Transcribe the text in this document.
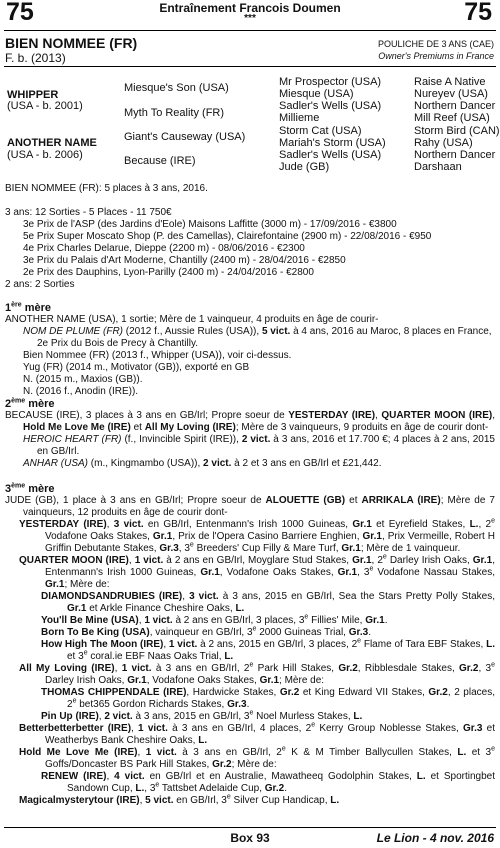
75	75
Entraînement Francois Doumen
***
BIEN NOMMEE (FR)
F. b. (2013)
POULICHE DE 3 ANS (CAE)
Owner's Premiums in France
WHIPPER
(USA - b. 2001)
ANOTHER NAME
(USA - b. 2006)
Miesque's Son (USA)
Myth To Reality (FR)
Giant's Causeway (USA)
Because (IRE)
Mr Prospector (USA)
Miesque (USA)
Sadler's Wells (USA)
Millieme
Storm Cat (USA)
Mariah's Storm (USA)
Sadler's Wells (USA)
Jude (GB)
Raise A Native
Nureyev (USA)
Northern Dancer
Mill Reef (USA)
Storm Bird (CAN)
Rahy (USA)
Northern Dancer
Darshaan

BIEN NOMMEE (FR): 5 places à 3 ans, 2016.

3 ans: 12 Sorties - 5 Places - 11 750€

3e Prix de l'ASP (des Jardins d'Eole) Maisons Laffitte (3000 m) - 17/09/2016 - €3800

5e Prix Super Moscato Shop (P. des Camellas), Clairefontaine (2900 m) - 22/08/2016 - €950

4e Prix Charles Delarue, Dieppe (2200 m) - 08/06/2016 - €2300

3e Prix du Palais d'Art Moderne, Chantilly (2400 m) - 28/04/2016 - €2850

2e Prix des Dauphins, Lyon-Parilly (2400 m) - 24/04/2016 - €2800

2 ans: 2 Sorties

1ère mère

ANOTHER NAME (USA), 1 sortie; Mère de 1 vainqueur, 4 produits en âge de courir-

NOM DE PLUME (FR) (2012 f., Aussie Rules (USA)), 5 vict. à 4 ans, 2016 au Maroc, 8 places en France, 2e Prix du Bois de Precy à Chantilly.

Bien Nommee (FR) (2013 f., Whipper (USA)), voir ci-dessus.

Yug (FR) (2014 m., Motivator (GB)), exporté en GB

N. (2015 m., Maxios (GB)).

N. (2016 f., Anodin (IRE)).

2ème mère

BECAUSE (IRE), 3 places à 3 ans en GB/Irl; Propre soeur de YESTERDAY (IRE), QUARTER MOON (IRE), Hold Me Love Me (IRE) et All My Loving (IRE); Mère de 3 vainqueurs, 9 produits en âge de courir dont-

HEROIC HEART (FR) (f., Invincible Spirit (IRE)), 2 vict. à 3 ans, 2016 et 17.700 €; 4 places à 2 ans, 2015 en GB/Irl.

ANHAR (USA) (m., Kingmambo (USA)), 2 vict. à 2 et 3 ans en GB/Irl et £21,442.

3ème mère

JUDE (GB), 1 place à 3 ans en GB/Irl; Propre soeur de ALOUETTE (GB) et ARRIKALA (IRE); Mère de 7 vainqueurs, 12 produits en âge de courir dont-

YESTERDAY (IRE), 3 vict. en GB/Irl, Entenmann's Irish 1000 Guineas, Gr.1 et Eyrefield Stakes, L., 2e Vodafone Oaks Stakes, Gr.1, Prix de l'Opera Casino Barriere Enghien, Gr.1, Prix Vermeille, Robert H Griffin Debutante Stakes, Gr.3, 3e Breeders' Cup Filly & Mare Turf, Gr.1; Mère de 1 vainqueur.

QUARTER MOON (IRE), 1 vict. à 2 ans en GB/Irl, Moyglare Stud Stakes, Gr.1, 2e Darley Irish Oaks, Gr.1, Entenmann's Irish 1000 Guineas, Gr.1, Vodafone Oaks Stakes, Gr.1, 3e Vodafone Nassau Stakes, Gr.1; Mère de:

DIAMONDSANDRUBIES (IRE), 3 vict. à 3 ans, 2015 en GB/Irl, Sea the Stars Pretty Polly Stakes, Gr.1 et Arkle Finance Cheshire Oaks, L.

You'll Be Mine (USA), 1 vict. à 2 ans en GB/Irl, 3 places, 3e Fillies' Mile, Gr.1.

Born To Be King (USA), vainqueur en GB/Irl, 3e 2000 Guineas Trial, Gr.3.

How High The Moon (IRE), 1 vict. à 2 ans, 2015 en GB/Irl, 3 places, 2e Flame of Tara EBF Stakes, L. et 3e coral.ie EBF Naas Oaks Trial, L.

All My Loving (IRE), 1 vict. à 3 ans en GB/Irl, 2e Park Hill Stakes, Gr.2, Ribblesdale Stakes, Gr.2, 3e Darley Irish Oaks, Gr.1, Vodafone Oaks Stakes, Gr.1; Mère de:

THOMAS CHIPPENDALE (IRE), Hardwicke Stakes, Gr.2 et King Edward VII Stakes, Gr.2, 2 places, 2e bet365 Gordon Richards Stakes, Gr.3.

Pin Up (IRE), 2 vict. à 3 ans, 2015 en GB/Irl, 3e Noel Murless Stakes, L.

Betterbetterbetter (IRE), 1 vict. à 3 ans en GB/Irl, 4 places, 2e Kerry Group Noblesse Stakes, Gr.3 et Weatherbys Bank Cheshire Oaks, L.

Hold Me Love Me (IRE), 1 vict. à 3 ans en GB/Irl, 2e K & M Timber Ballycullen Stakes, L. et 3e Goffs/Doncaster BS Park Hill Stakes, Gr.2; Mère de:

RENEW (IRE), 4 vict. en GB/Irl et en Australie, Mawatheeq Godolphin Stakes, L. et Sportingbet Sandown Cup, L., 3e Tattsbet Adelaide Cup, Gr.2.

Magicalmysterytour (IRE), 5 vict. en GB/Irl, 3e Silver Cup Handicap, L.

Box 93	Le Lion - 4 nov. 2016
